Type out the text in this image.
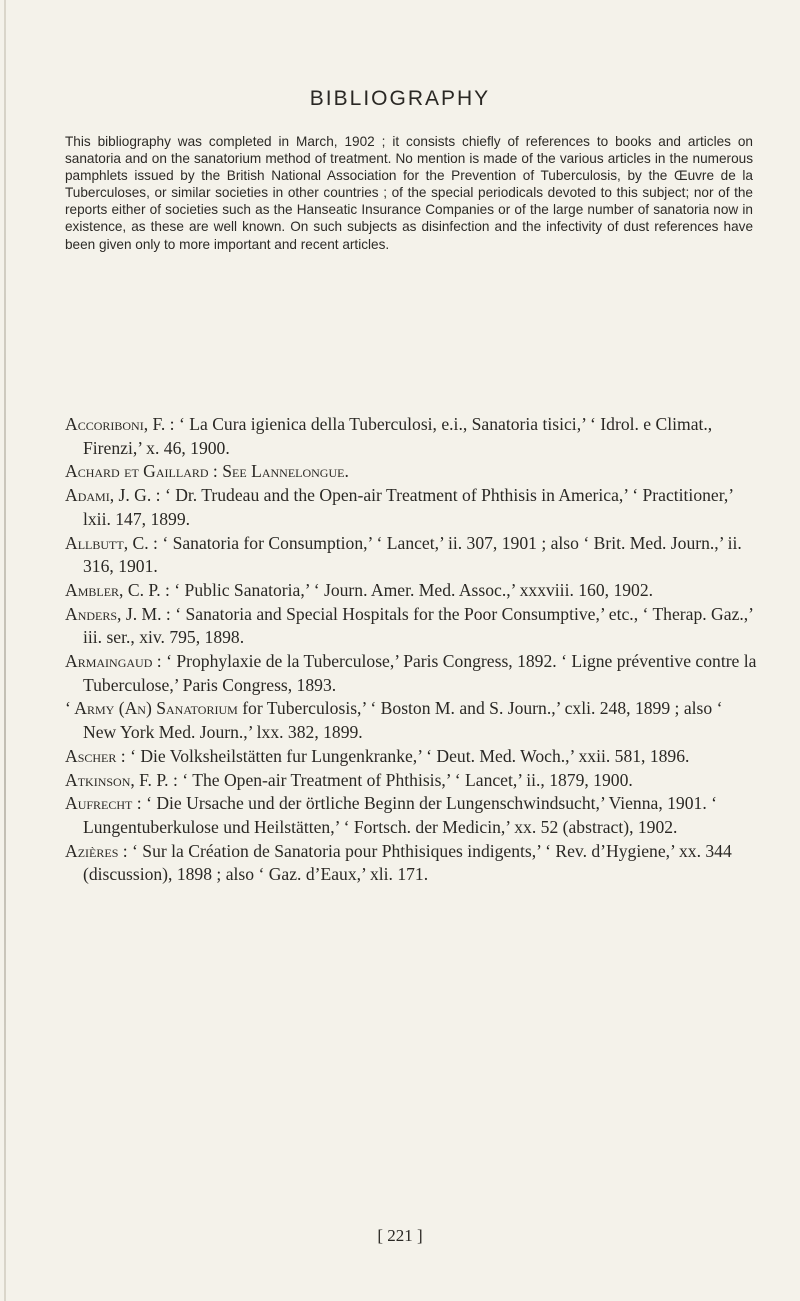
BIBLIOGRAPHY
This bibliography was completed in March, 1902 ; it consists chiefly of references to books and articles on sanatoria and on the sanatorium method of treatment. No mention is made of the various articles in the numerous pamphlets issued by the British National Association for the Prevention of Tuberculosis, by the Œuvre de la Tuberculoses, or similar societies in other countries ; of the special periodicals devoted to this subject; nor of the reports either of societies such as the Hanseatic Insurance Companies or of the large number of sanatoria now in existence, as these are well known. On such subjects as disinfection and the infectivity of dust references have been given only to more important and recent articles.
Accoriboni, F. : ‘ La Cura igienica della Tuberculosi, e.i., Sanatoria tisici,’ ‘ Idrol. e Climat., Firenzi,’ x. 46, 1900.
Achard et Gaillard : See Lannelongue.
Adami, J. G. : ‘ Dr. Trudeau and the Open-air Treatment of Phthisis in America,’ ‘ Practitioner,’ lxii. 147, 1899.
Allbutt, C. : ‘ Sanatoria for Consumption,’ ‘ Lancet,’ ii. 307, 1901 ; also ‘ Brit. Med. Journ.,’ ii. 316, 1901.
Ambler, C. P. : ‘ Public Sanatoria,’ ‘ Journ. Amer. Med. Assoc.,’ xxxviii. 160, 1902.
Anders, J. M. : ‘ Sanatoria and Special Hospitals for the Poor Consumptive,’ etc., ‘ Therap. Gaz.,’ iii. ser., xiv. 795, 1898.
Armaingaud : ‘ Prophylaxie de la Tuberculose,’ Paris Congress, 1892. ‘ Ligne préventive contre la Tuberculose,’ Paris Congress, 1893.
‘ Army (An) Sanatorium for Tuberculosis,’ ‘ Boston M. and S. Journ.,’ cxli. 248, 1899 ; also ‘ New York Med. Journ.,’ lxx. 382, 1899.
Ascher : ‘ Die Volksheilstätten fur Lungenkranke,’ ‘ Deut. Med. Woch.,’ xxii. 581, 1896.
Atkinson, F. P. : ‘ The Open-air Treatment of Phthisis,’ ‘ Lancet,’ ii., 1879, 1900.
Aufrecht : ‘ Die Ursache und der örtliche Beginn der Lungenschwindsucht,’ Vienna, 1901. ‘ Lungentuberkulose und Heilstätten,’ ‘ Fortsch. der Medicin,’ xx. 52 (abstract), 1902.
Azières : ‘ Sur la Création de Sanatoria pour Phthisiques indigents,’ ‘ Rev. d’Hygiene,’ xx. 344 (discussion), 1898 ; also ‘ Gaz. d’Eaux,’ xli. 171.
[ 221 ]
